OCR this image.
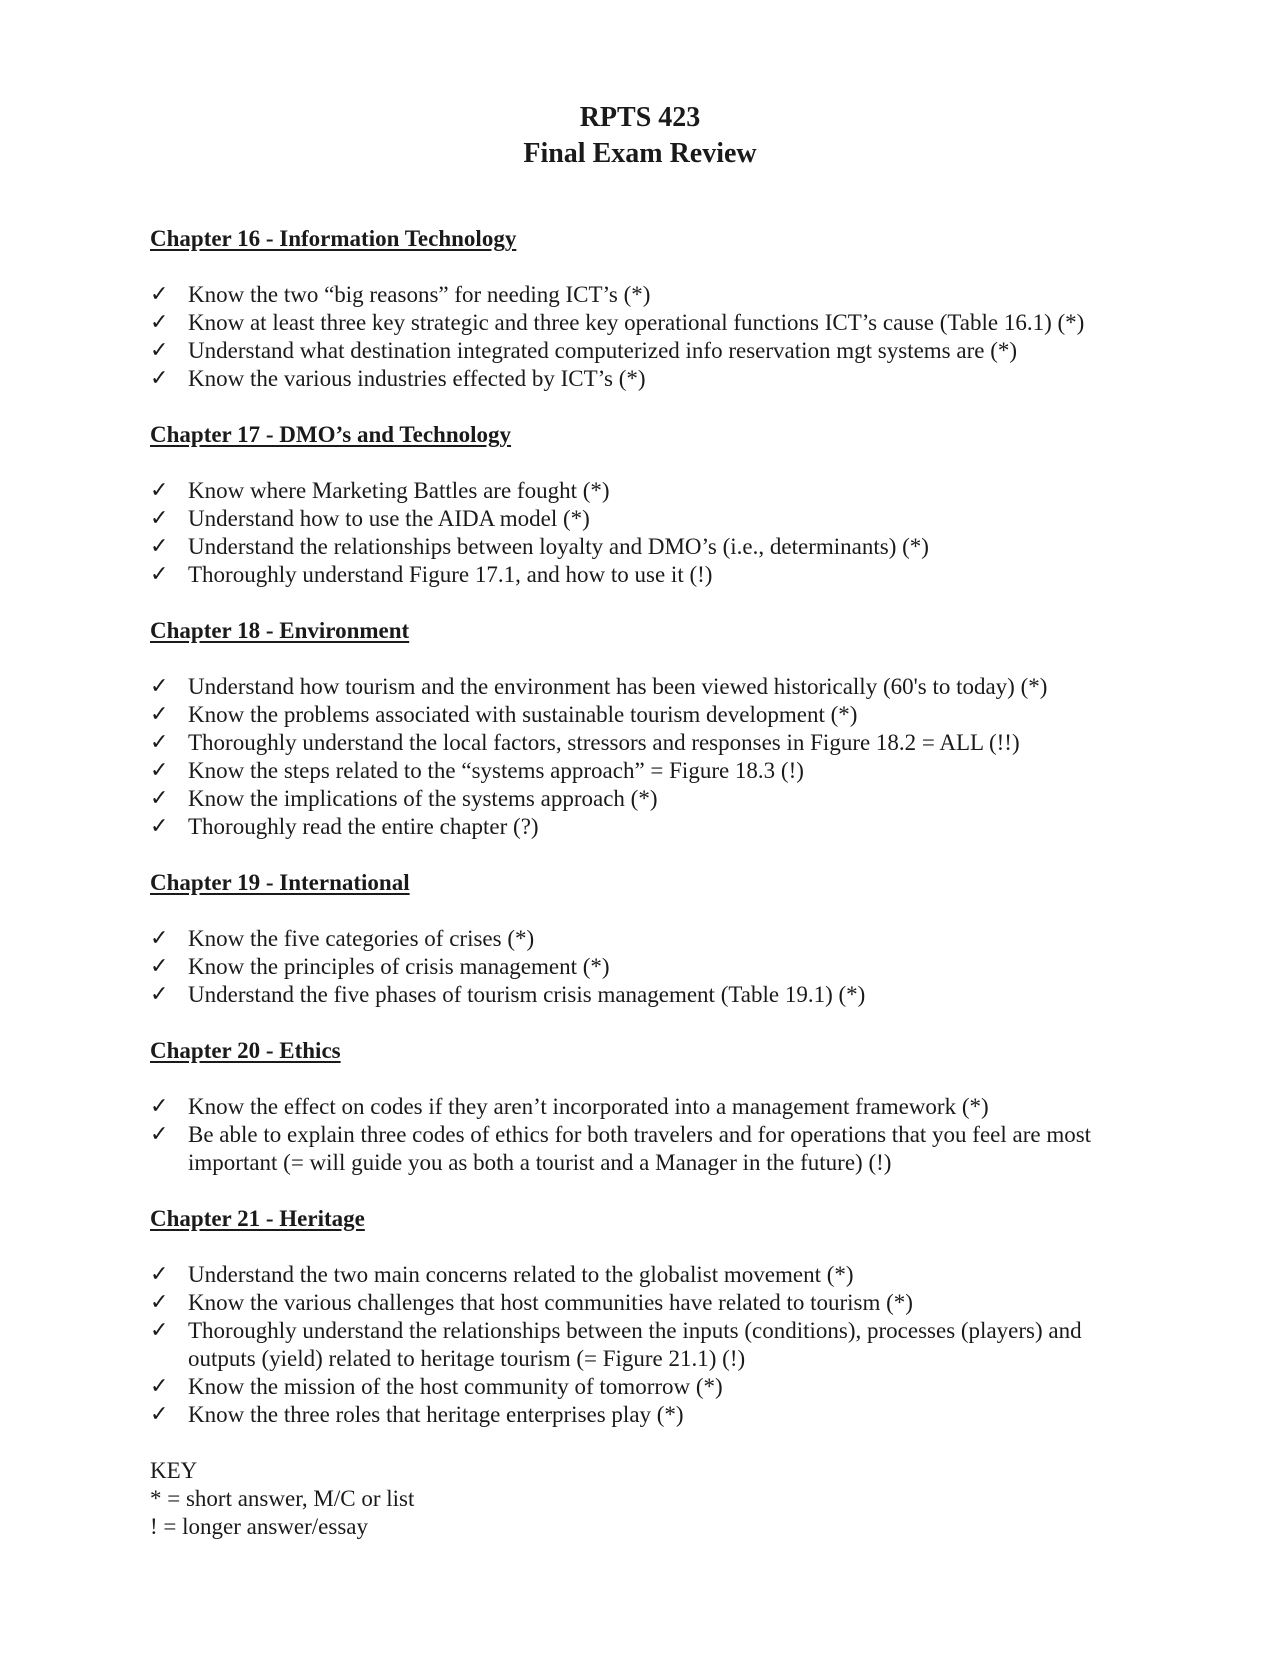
RPTS 423
Final Exam Review
Chapter 16 - Information Technology
✓ Know the two “big reasons” for needing ICT’s (*)
✓ Know at least three key strategic and three key operational functions ICT’s cause (Table 16.1) (*)
✓ Understand what destination integrated computerized info reservation mgt systems are (*)
✓ Know the various industries effected by ICT’s (*)
Chapter 17 - DMO’s and Technology
✓ Know where Marketing Battles are fought (*)
✓ Understand how to use the AIDA model (*)
✓ Understand the relationships between loyalty and DMO’s (i.e., determinants) (*)
✓ Thoroughly understand Figure 17.1, and how to use it (!)
Chapter 18 - Environment
✓ Understand how tourism and the environment has been viewed historically (60's to today) (*)
✓ Know the problems associated with sustainable tourism development (*)
✓ Thoroughly understand the local factors, stressors and responses in Figure 18.2 = ALL (!!)
✓ Know the steps related to the “systems approach” = Figure 18.3 (!)
✓ Know the implications of the systems approach (*)
✓ Thoroughly read the entire chapter (?)
Chapter 19 - International
✓ Know the five categories of crises (*)
✓ Know the principles of crisis management (*)
✓ Understand the five phases of tourism crisis management (Table 19.1) (*)
Chapter 20 - Ethics
✓ Know the effect on codes if they aren’t incorporated into a management framework (*)
✓ Be able to explain three codes of ethics for both travelers and for operations that you feel are most important (= will guide you as both a tourist and a Manager in the future) (!)
Chapter 21 - Heritage
✓ Understand the two main concerns related to the globalist movement (*)
✓ Know the various challenges that host communities have related to tourism (*)
✓ Thoroughly understand the relationships between the inputs (conditions), processes (players) and outputs (yield) related to heritage tourism (= Figure 21.1) (!)
✓ Know the mission of the host community of tomorrow (*)
✓ Know the three roles that heritage enterprises play (*)
KEY
* = short answer, M/C or list
! = longer answer/essay
